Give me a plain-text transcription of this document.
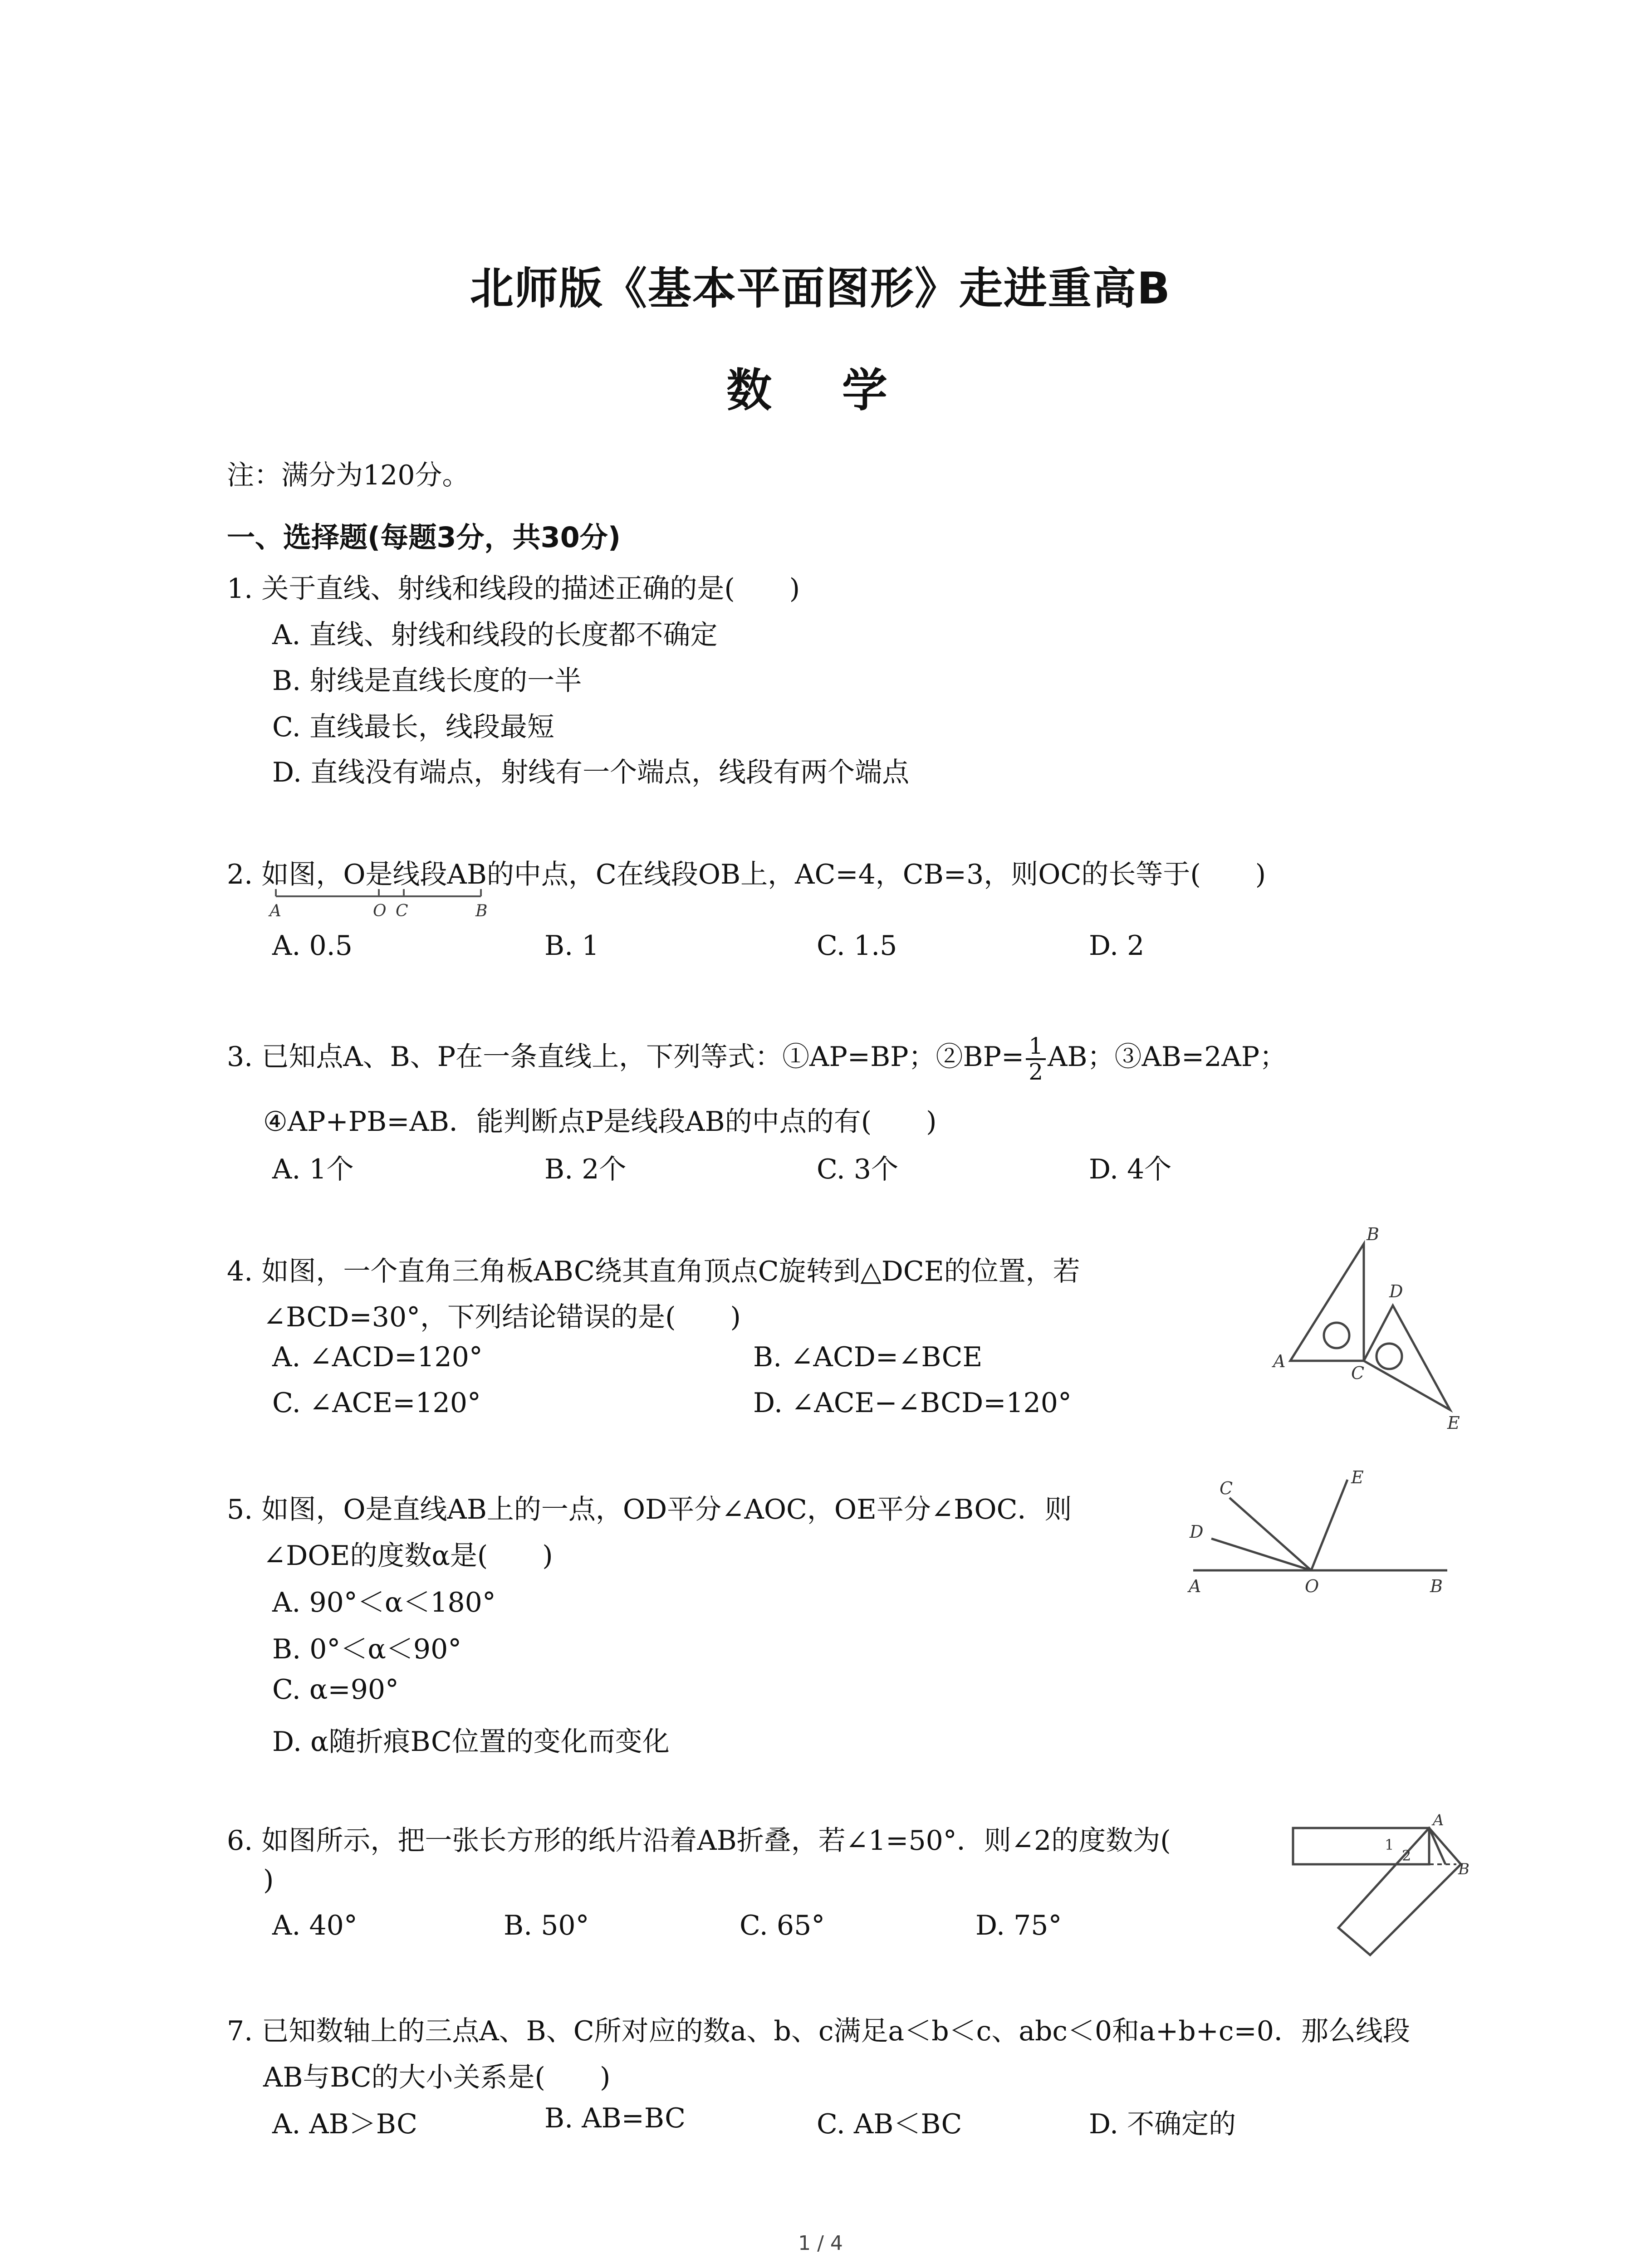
北师版《基本平面图形》走进重高B
数 学
注：满分为120分。
一、选择题(每题3分，共30分)
1. 关于直线、射线和线段的描述正确的是(　　)
A. 直线、射线和线段的长度都不确定
B. 射线是直线长度的一半
C. 直线最长，线段最短
D. 直线没有端点，射线有一个端点，线段有两个端点
2. 如图，O是线段AB的中点，C在线段OB上，AC=4，CB=3，则OC的长等于(　　)
A	O C	B
A. 0.5	B. 1	C. 1.5	D. 2
3. 已知点A、B、P在一条直线上，下列等式：①AP=BP；②BP= $\frac{1}{2}$ AB；③AB=2AP；
④AP+PB=AB．能判断点P是线段AB的中点的有(　　)
A. 1个	B. 2个	C. 3个	D. 4个
4. 如图，一个直角三角板ABC绕其直角顶点C旋转到△DCE的位置，若
∠BCD=30°，下列结论错误的是(　　)
A. ∠ACD=120°	B. ∠ACD=∠BCE
C. ∠ACE=120°	D. ∠ACE−∠BCD=120°
B
D
A
C
E
5. 如图，O是直线AB上的一点，OD平分∠AOC，OE平分∠BOC．则
∠DOE的度数α是(　　)
A. 90°＜α＜180°
B. 0°＜α＜90°
C. α=90°
D. α随折痕BC位置的变化而变化
C
E
D
A	O	B
6. 如图所示，把一张长方形的纸片沿着AB折叠，若∠1=50°．则∠2的度数为(
)
A. 40°	B. 50°	C. 65°	D. 75°
A
1
2
B
7. 已知数轴上的三点A、B、C所对应的数a、b、c满足a＜b＜c、abc＜0和a+b+c=0．那么线段
AB与BC的大小关系是(　　)
A. AB＞BC	B. AB=BC	C. AB＜BC	D. 不确定的
1 / 4
